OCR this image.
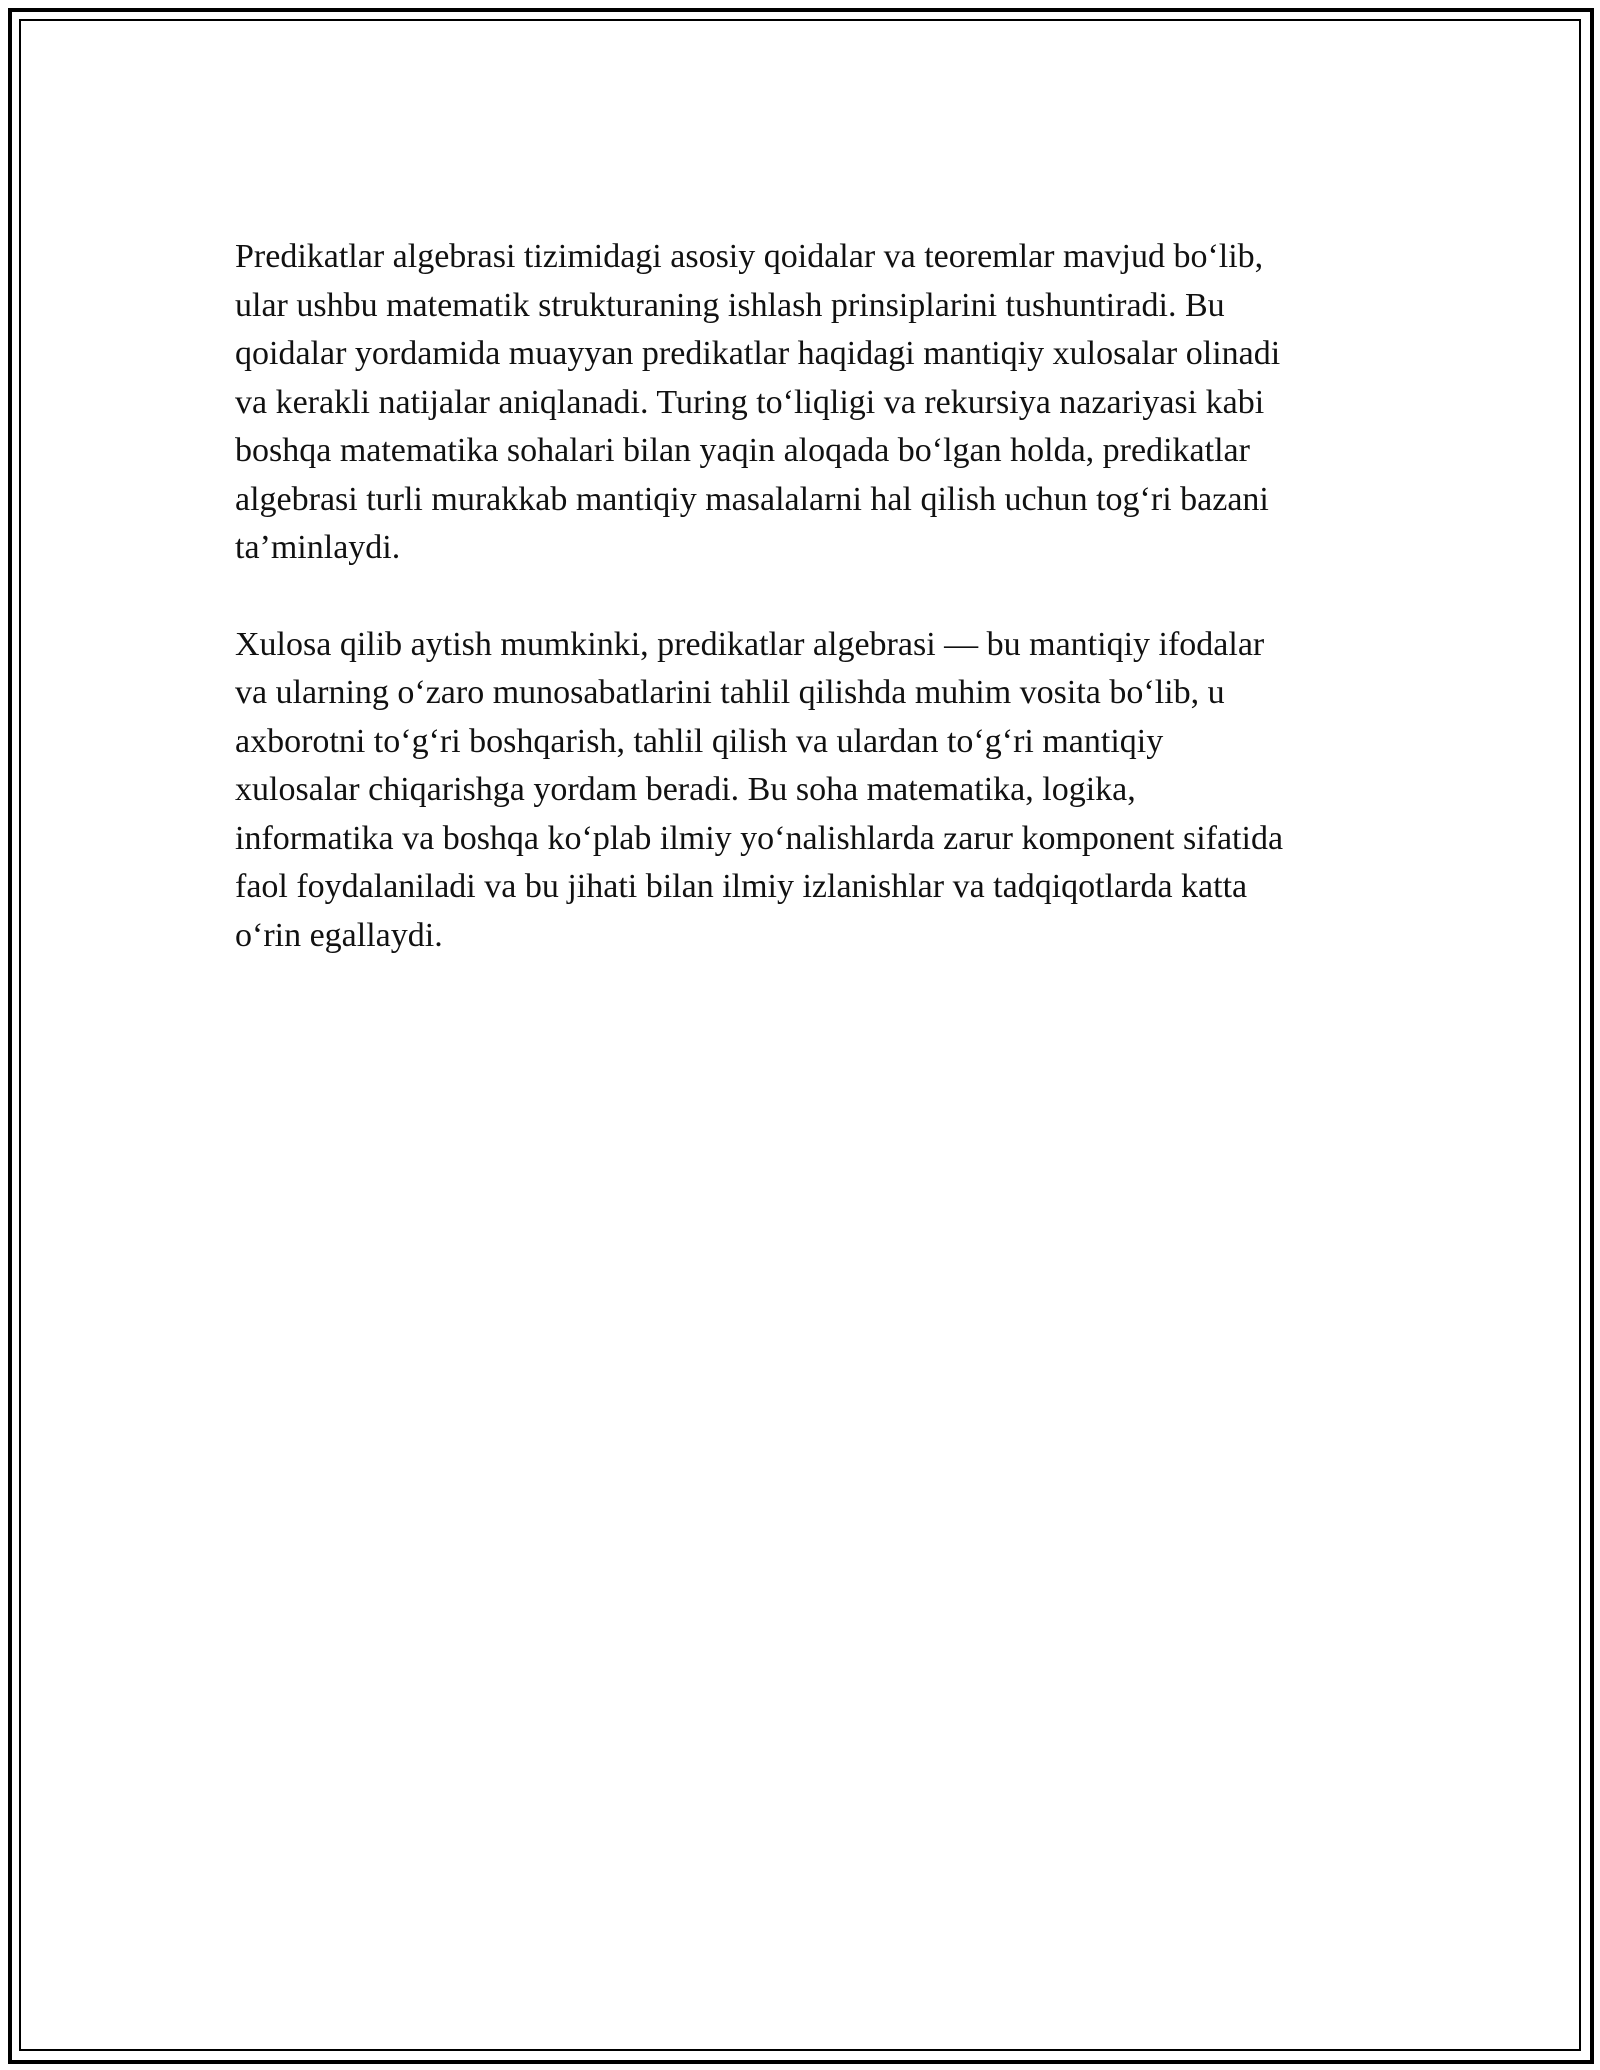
Predikatlar algebrasi tizimidagi asosiy qoidalar va teoremlar mavjud bo‘lib,
ular ushbu matematik strukturaning ishlash prinsiplarini tushuntiradi. Bu
qoidalar yordamida muayyan predikatlar haqidagi mantiqiy xulosalar olinadi
va kerakli natijalar aniqlanadi. Turing to‘liqligi va rekursiya nazariyasi kabi
boshqa matematika sohalari bilan yaqin aloqada bo‘lgan holda, predikatlar
algebrasi turli murakkab mantiqiy masalalarni hal qilish uchun tog‘ri bazani
ta’minlaydi.

Xulosa qilib aytish mumkinki, predikatlar algebrasi — bu mantiqiy ifodalar
va ularning o‘zaro munosabatlarini tahlil qilishda muhim vosita bo‘lib, u
axborotni to‘g‘ri boshqarish, tahlil qilish va ulardan to‘g‘ri mantiqiy
xulosalar chiqarishga yordam beradi. Bu soha matematika, logika,
informatika va boshqa ko‘plab ilmiy yo‘nalishlarda zarur komponent sifatida
faol foydalaniladi va bu jihati bilan ilmiy izlanishlar va tadqiqotlarda katta
o‘rin egallaydi.
